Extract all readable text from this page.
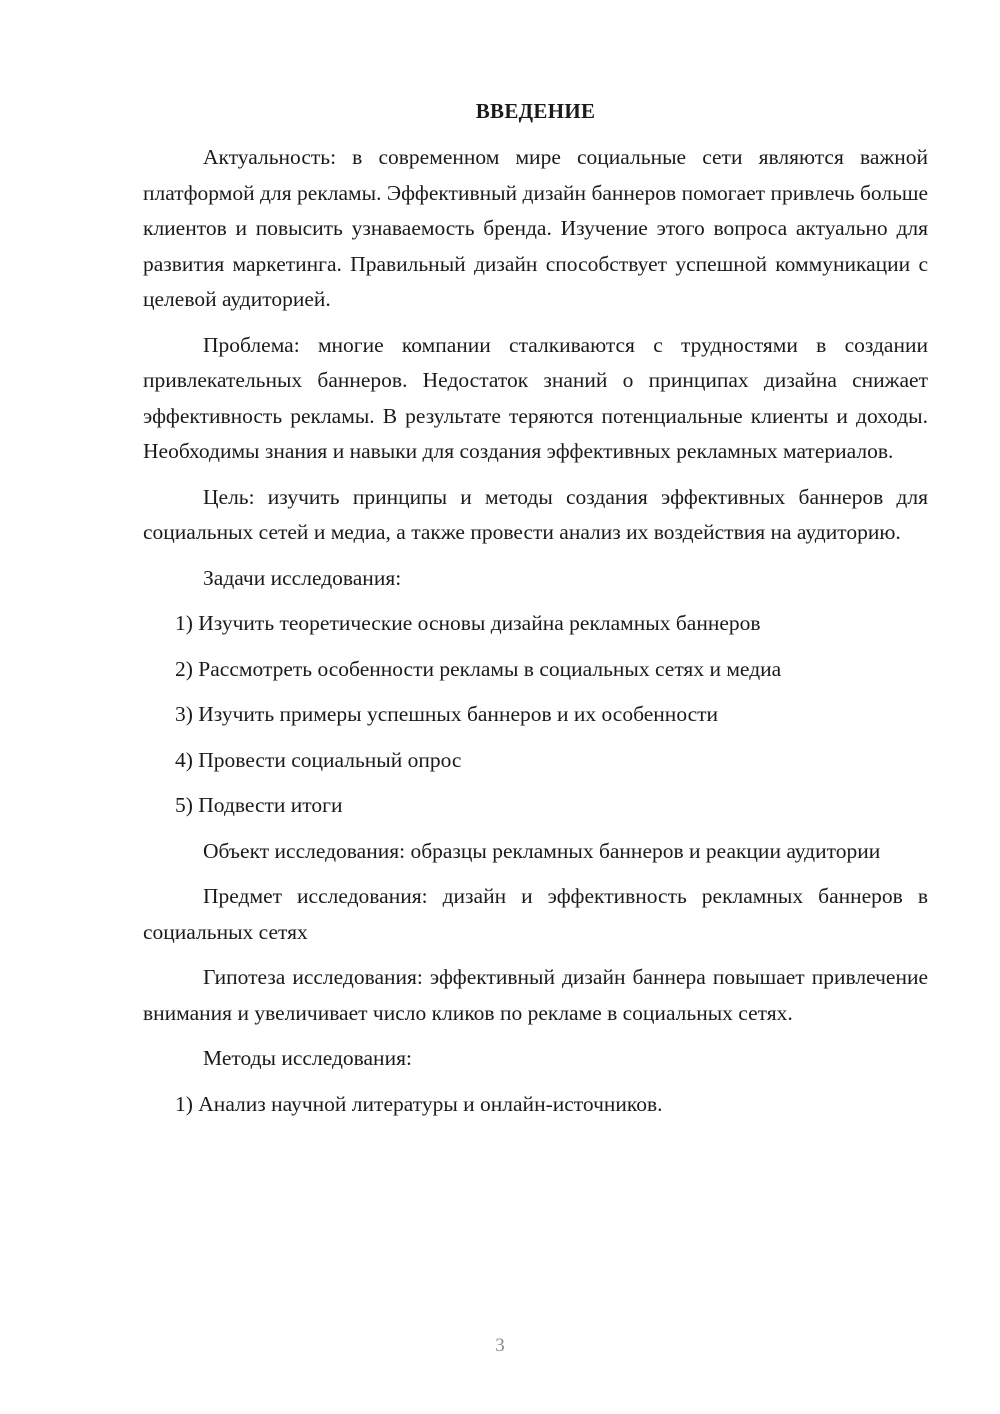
ВВЕДЕНИЕ

Актуальность: в современном мире социальные сети являются важной платформой для рекламы. Эффективный дизайн баннеров помогает привлечь больше клиентов и повысить узнаваемость бренда. Изучение этого вопроса актуально для развития маркетинга. Правильный дизайн способствует успешной коммуникации с целевой аудиторией.

Проблема: многие компании сталкиваются с трудностями в создании привлекательных баннеров. Недостаток знаний о принципах дизайна снижает эффективность рекламы. В результате теряются потенциальные клиенты и доходы. Необходимы знания и навыки для создания эффективных рекламных материалов.

Цель: изучить принципы и методы создания эффективных баннеров для социальных сетей и медиа, а также провести анализ их воздействия на аудиторию.

Задачи исследования:

1) Изучить теоретические основы дизайна рекламных баннеров

2) Рассмотреть особенности рекламы в социальных сетях и медиа

3) Изучить примеры успешных баннеров и их особенности

4) Провести социальный опрос

5) Подвести итоги

Объект исследования: образцы рекламных баннеров и реакции аудитории

Предмет исследования: дизайн и эффективность рекламных баннеров в социальных сетях

Гипотеза исследования: эффективный дизайн баннера повышает привлечение внимания и увеличивает число кликов по рекламе в социальных сетях.

Методы исследования:

1) Анализ научной литературы и онлайн-источников.

3
